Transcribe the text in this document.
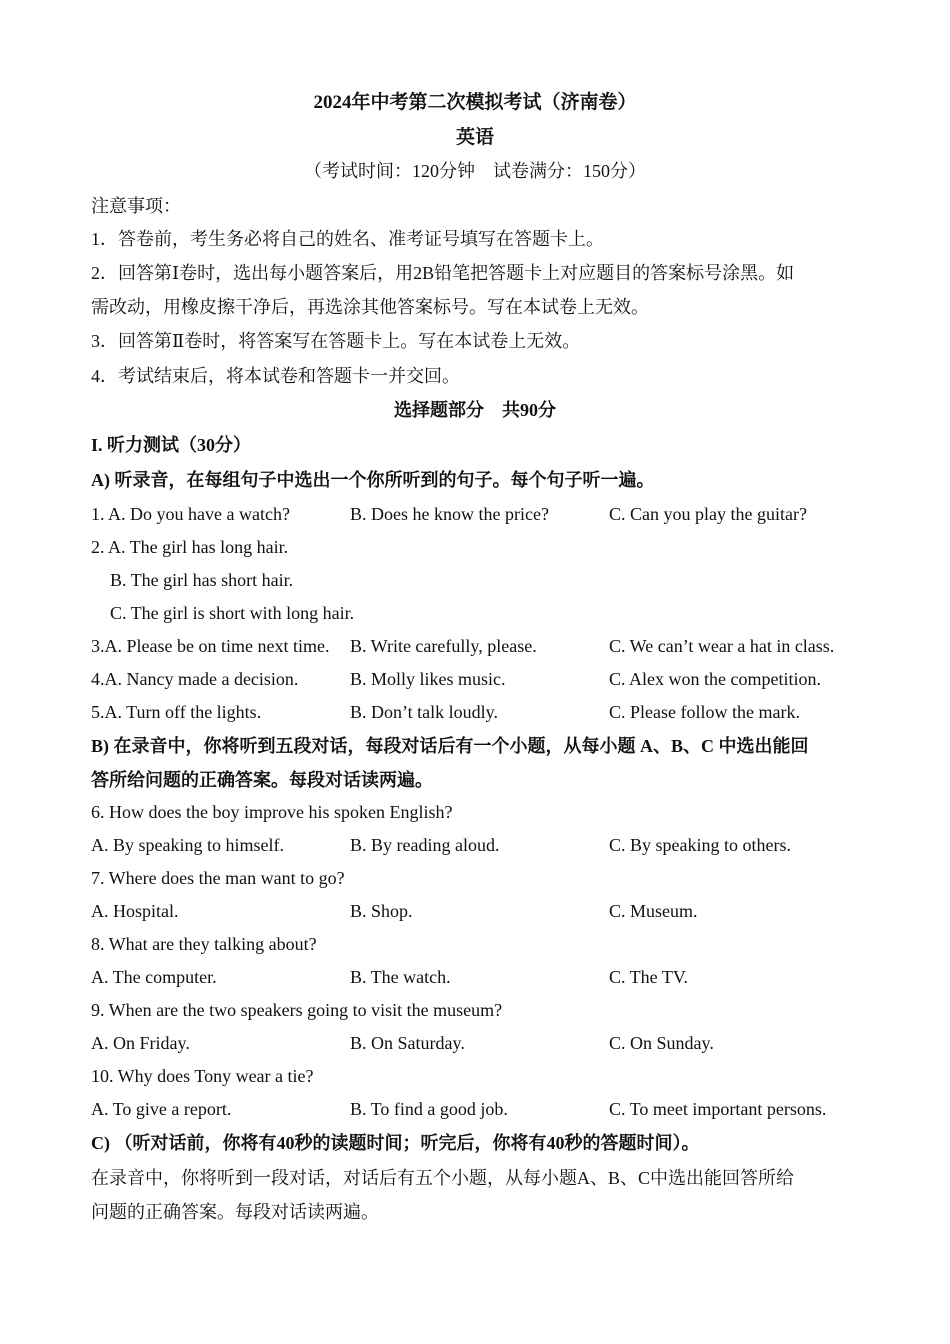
2024年中考第二次模拟考试（济南卷）
英语
（考试时间：120分钟　试卷满分：150分）
注意事项：
1．答卷前，考生务必将自己的姓名、准考证号填写在答题卡上。
2．回答第Ⅰ卷时，选出每小题答案后，用2B铅笔把答题卡上对应题目的答案标号涂黑。如
需改动，用橡皮擦干净后，再选涂其他答案标号。写在本试卷上无效。
3．回答第Ⅱ卷时，将答案写在答题卡上。写在本试卷上无效。
4．考试结束后，将本试卷和答题卡一并交回。
选择题部分　共90分
I. 听力测试（30分）
A) 听录音，在每组句子中选出一个你所听到的句子。每个句子听一遍。
1. A. Do you have a watch?	B. Does he know the price?	C. Can you play the guitar?
2. A. The girl has long hair.
B. The girl has short hair.
C. The girl is short with long hair.
3.A. Please be on time next time. B. Write carefully, please.	C. We can’t wear a hat in class.
4.A. Nancy made a decision.	B. Molly likes music.	C. Alex won the competition.
5.A. Turn off the lights.	B. Don’t talk loudly.	C. Please follow the mark.
B) 在录音中，你将听到五段对话，每段对话后有一个小题，从每小题 A、B、C 中选出能回
答所给问题的正确答案。每段对话读两遍。
6. How does the boy improve his spoken English?
A. By speaking to himself.	B. By reading aloud.	C. By speaking to others.
7. Where does the man want to go?
A. Hospital.	B. Shop.	C. Museum.
8. What are they talking about?
A. The computer.	B. The watch.	C. The TV.
9. When are the two speakers going to visit the museum?
A. On Friday.	B. On Saturday.	C. On Sunday.
10. Why does Tony wear a tie?
A. To give a report.	B. To find a good job.	C. To meet important persons.
C) （听对话前，你将有40秒的读题时间；听完后，你将有40秒的答题时间）。
在录音中，你将听到一段对话，对话后有五个小题，从每小题A、B、C中选出能回答所给
问题的正确答案。每段对话读两遍。
